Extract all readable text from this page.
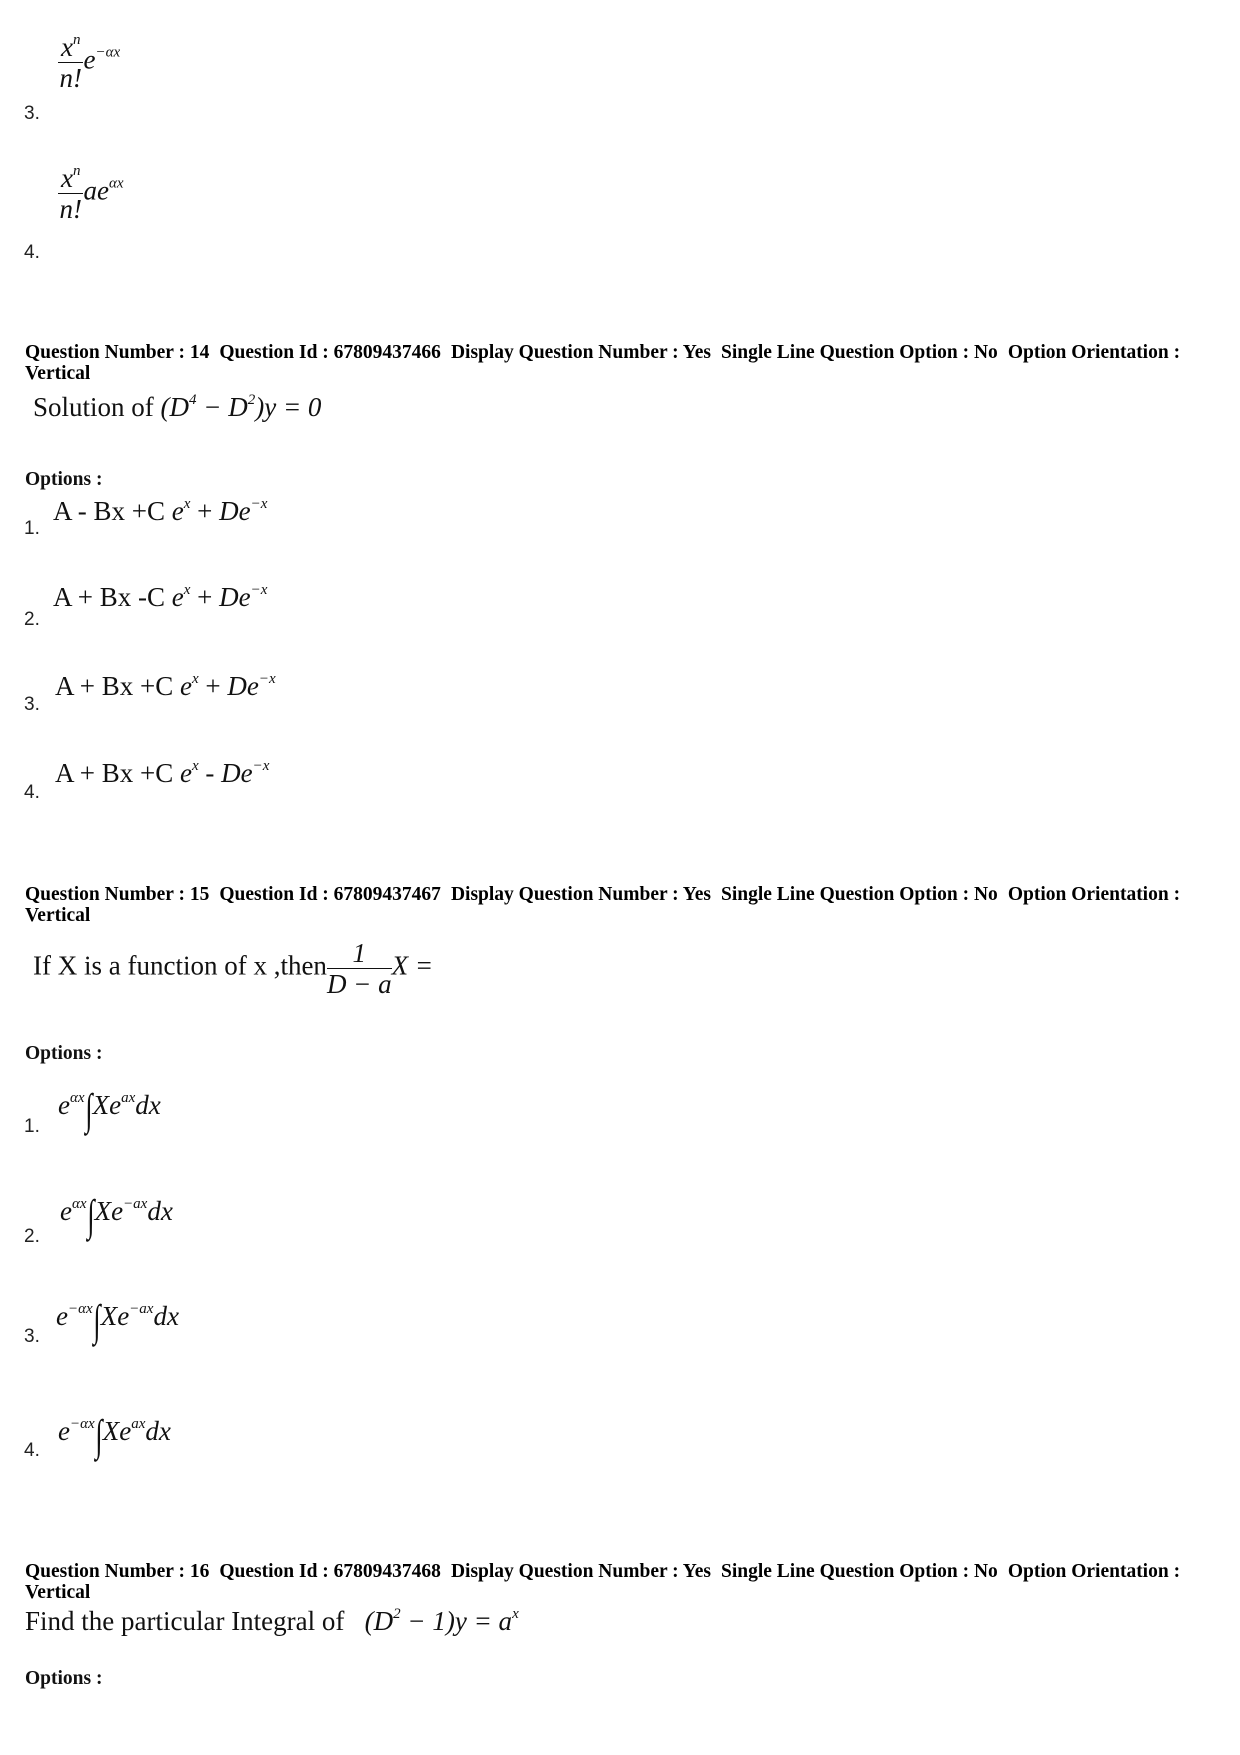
$\frac{x^n}{n!} e^{-\alpha x}$
3.
$\frac{x^n}{n!} ae^{\alpha x}$
4.
Question Number : 14 Question Id : 67809437466 Display Question Number : Yes Single Line Question Option : No Option Orientation : Vertical
Solution of $(D^4 - D^2)y = 0$
Options :
A - Bx +C $e^x + De^{-x}$
1.
A + Bx -C $e^x + De^{-x}$
2.
A + Bx +C $e^x + De^{-x}$
3.
A + Bx +C $e^x - De^{-x}$
4.
Question Number : 15 Question Id : 67809437467 Display Question Number : Yes Single Line Question Option : No Option Orientation : Vertical
If X is a function of x ,then $\frac{1}{D - a}$ X =
Options :
$e^{\alpha x}\int Xe^{ax}dx$
1.
$e^{\alpha x}\int Xe^{-ax}dx$
2.
$e^{-\alpha x}\int Xe^{-ax}dx$
3.
$e^{-\alpha x}\int Xe^{ax}dx$
4.
Question Number : 16 Question Id : 67809437468 Display Question Number : Yes Single Line Question Option : No Option Orientation : Vertical
Find the particular Integral of $(D^2 - 1)y = a^x$
Options :
